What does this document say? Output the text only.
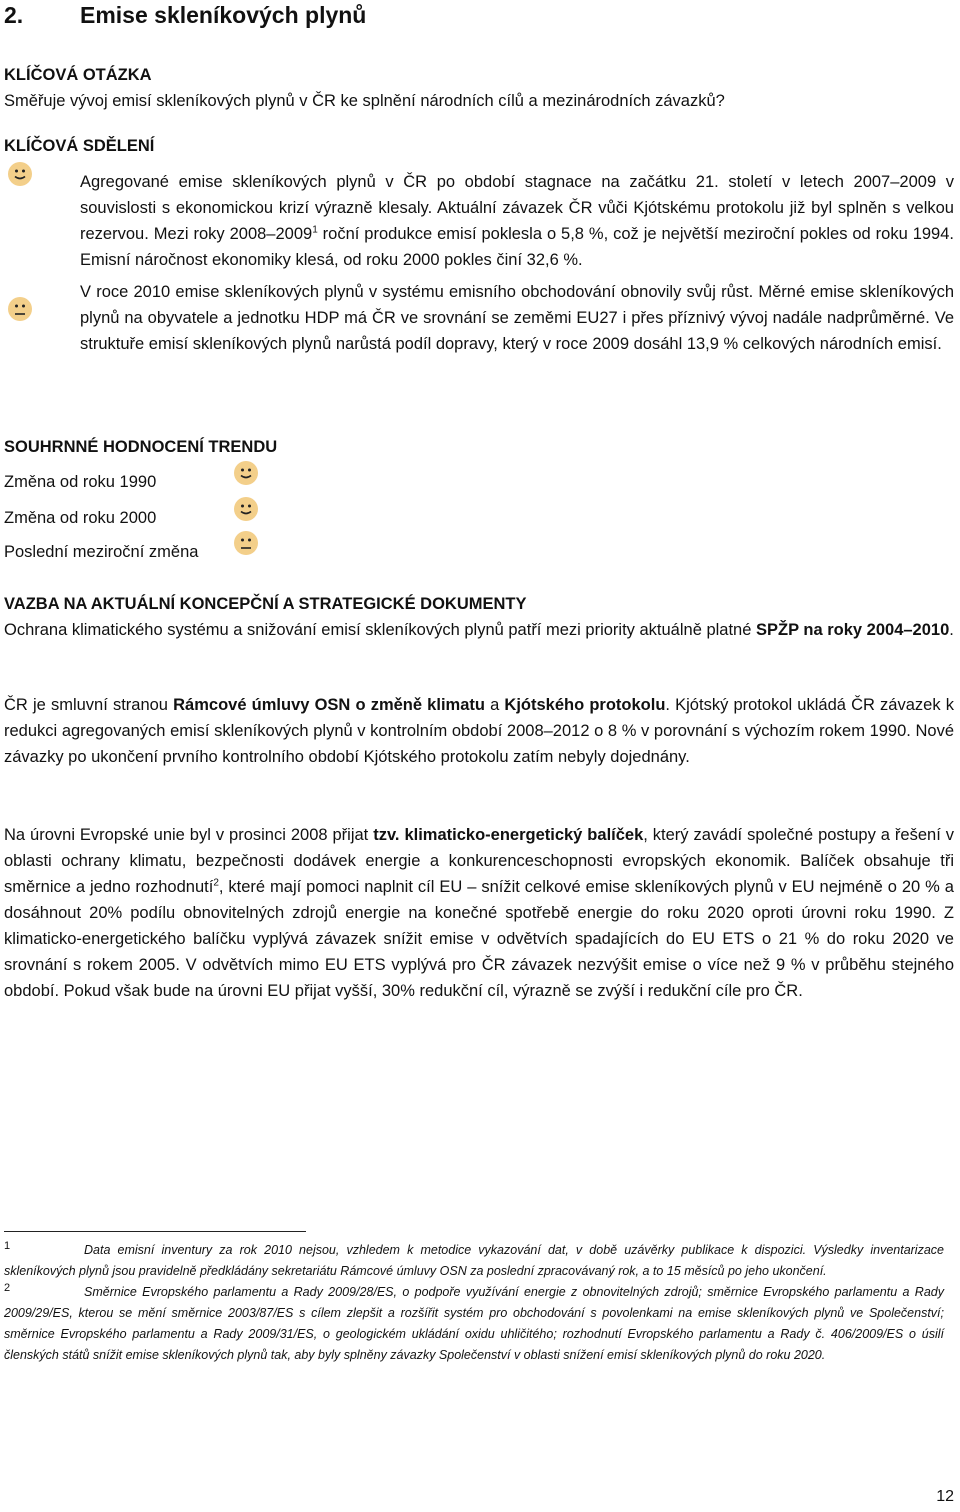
2. Emise skleníkových plynů
KLÍČOVÁ OTÁZKA
Směřuje vývoj emisí skleníkových plynů v ČR ke splnění národních cílů a mezinárodních závazků?
KLÍČOVÁ SDĚLENÍ

Agregované emise skleníkových plynů v ČR po období stagnace na začátku 21. století v letech 2007–2009 v souvislosti s ekonomickou krizí výrazně klesaly. Aktuální závazek ČR vůči Kjótskému protokolu již byl splněn s velkou rezervou. Mezi roky 2008–2009$^1$ roční produkce emisí poklesla o 5,8 %, což je největší meziroční pokles od roku 1994. Emisní náročnost ekonomiky klesá, od roku 2000 pokles činí 32,6 %.

V roce 2010 emise skleníkových plynů v systému emisního obchodování obnovily svůj růst. Měrné emise skleníkových plynů na obyvatele a jednotku HDP má ČR ve srovnání se zeměmi EU27 i přes příznivý vývoj nadále nadprůměrné. Ve struktuře emisí skleníkových plynů narůstá podíl dopravy, který v roce 2009 dosáhl 13,9 % celkových národních emisí.

SOUHRNNÉ HODNOCENÍ TRENDU
Změna od roku 1990
Změna od roku 2000
Poslední meziroční změna
VAZBA NA AKTUÁLNÍ KONCEPČNÍ A STRATEGICKÉ DOKUMENTY
Ochrana klimatického systému a snižování emisí skleníkových plynů patří mezi priority aktuálně platné SPŽP na roky 2004–2010.
ČR je smluvní stranou Rámcové úmluvy OSN o změně klimatu a Kjótského protokolu. Kjótský protokol ukládá ČR závazek k redukci agregovaných emisí skleníkových plynů v kontrolním období 2008–2012 o 8 % v porovnání s výchozím rokem 1990. Nové závazky po ukončení prvního kontrolního období Kjótského protokolu zatím nebyly dojednány.
Na úrovni Evropské unie byl v prosinci 2008 přijat tzv. klimaticko-energetický balíček, který zavádí společné postupy a řešení v oblasti ochrany klimatu, bezpečnosti dodávek energie a konkurenceschopnosti evropských ekonomik. Balíček obsahuje tři směrnice a jedno rozhodnutí$^2$, které mají pomoci naplnit cíl EU – snížit celkové emise skleníkových plynů v EU nejméně o 20 % a dosáhnout 20% podílu obnovitelných zdrojů energie na konečné spotřebě energie do roku 2020 oproti úrovni roku 1990. Z klimaticko-energetického balíčku vyplývá závazek snížit emise v odvětvích spadajících do EU ETS o 21 % do roku 2020 ve srovnání s rokem 2005. V odvětvích mimo EU ETS vyplývá pro ČR závazek nezvýšit emise o více než 9 % v průběhu stejného období. Pokud však bude na úrovni EU přijat vyšší, 30% redukční cíl, výrazně se zvýší i redukční cíle pro ČR.

1	Data emisní inventury za rok 2010 nejsou, vzhledem k metodice vykazování dat, v době uzávěrky publikace k dispozici. Výsledky inventarizace skleníkových plynů jsou pravidelně předkládány sekretariátu Rámcové úmluvy OSN za poslední zpracovávaný rok, a to 15 měsíců po jeho ukončení.

2	Směrnice Evropského parlamentu a Rady 2009/28/ES, o podpoře využívání energie z obnovitelných zdrojů; směrnice Evropského parlamentu a Rady 2009/29/ES, kterou se mění směrnice 2003/87/ES s cílem zlepšit a rozšířit systém pro obchodování s povolenkami na emise skleníkových plynů ve Společenství; směrnice Evropského parlamentu a Rady 2009/31/ES, o geologickém ukládání oxidu uhličitého; rozhodnutí Evropského parlamentu a Rady č. 406/2009/ES o úsilí členských států snížit emise skleníkových plynů tak, aby byly splněny závazky Společenství v oblasti snížení emisí skleníkových plynů do roku 2020.

12
